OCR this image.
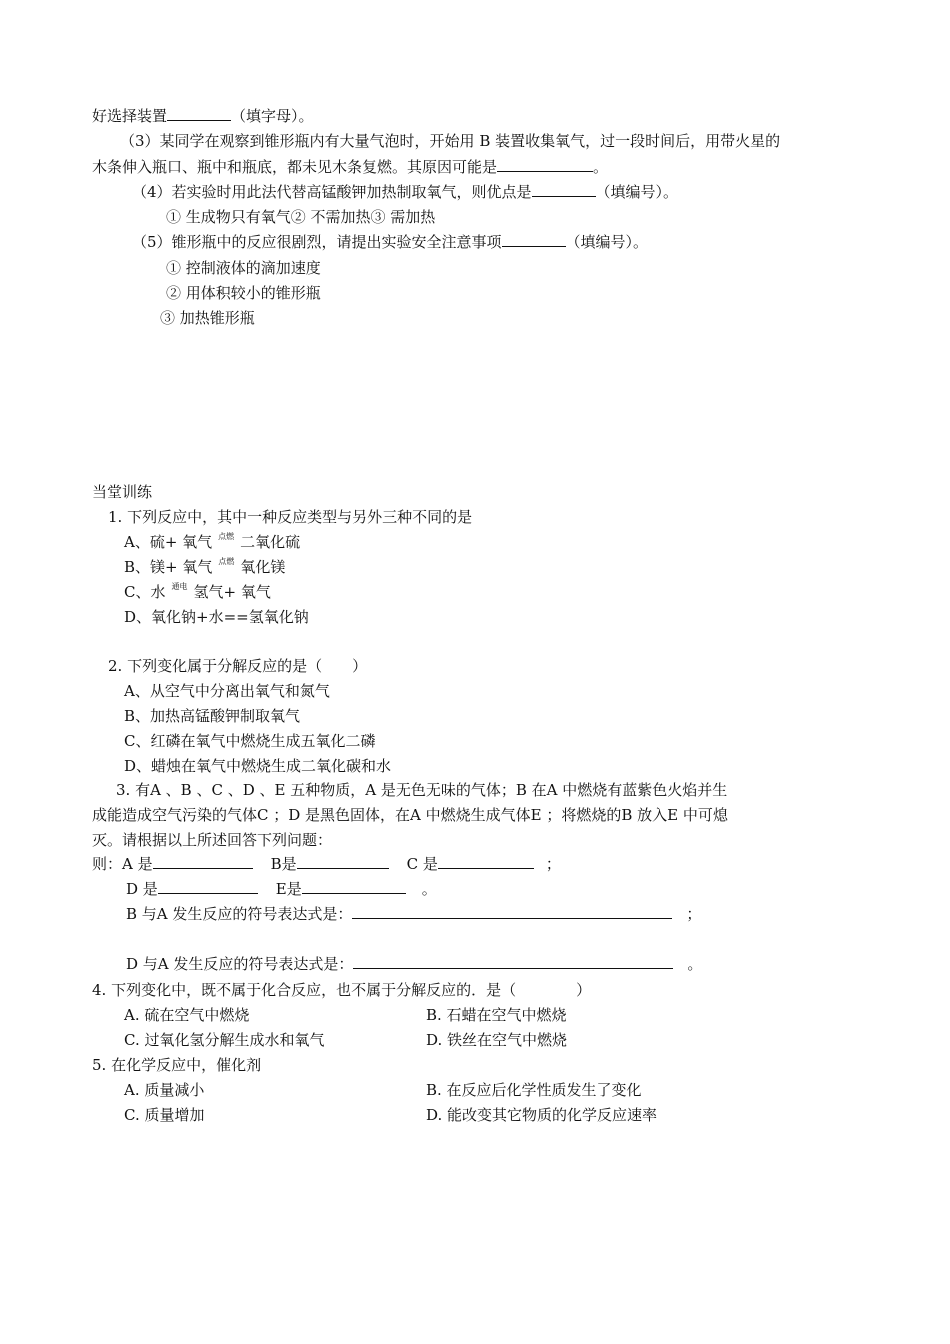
好选择装置	（填字母）。
（3）某同学在观察到锥形瓶内有大量气泡时，开始用 B 装置收集氧气，过一段时间后，用带火星的
木条伸入瓶口、瓶中和瓶底，都未见木条复燃。其原因可能是	。
（4）若实验时用此法代替高锰酸钾加热制取氧气，则优点是	（填编号）。
① 生成物只有氧气② 不需加热③ 需加热
（5）锥形瓶中的反应很剧烈，请提出实验安全注意事项	（填编号）。
① 控制液体的滴加速度
② 用体积较小的锥形瓶
③ 加热锥形瓶
当堂训练
1. 下列反应中，其中一种反应类型与另外三种不同的是
A、硫+ 氧气 $^{点燃}$ 二氧化硫
B、镁+ 氧气 $^{点燃}$ 氧化镁
C、水 $^{通电}$ 氢气+ 氧气
D、氧化钠+水==氢氧化钠
2. 下列变化属于分解反应的是（　　）
A、从空气中分离出氧气和氮气
B、加热高锰酸钾制取氧气
C、红磷在氧气中燃烧生成五氧化二磷
D、蜡烛在氧气中燃烧生成二氧化碳和水
3. 有A 、B 、C 、D 、E 五种物质，A 是无色无味的气体；B 在A 中燃烧有蓝紫色火焰并生
成能造成空气污染的气体C ；D 是黑色固体，在A 中燃烧生成气体E ；将燃烧的B 放入E 中可熄
灭。请根据以上所述回答下列问题：
则：A 是	B是	C 是	；
D 是	E是	。
B 与A 发生反应的符号表达式是：	；
D 与A 发生反应的符号表达式是：	。
4. 下列变化中，既不属于化合反应，也不属于分解反应的．是（　　　　）
A. 硫在空气中燃烧	B. 石蜡在空气中燃烧
C. 过氧化氢分解生成水和氧气	D. 铁丝在空气中燃烧
5. 在化学反应中，催化剂
A. 质量减小	B. 在反应后化学性质发生了变化
C. 质量增加	D. 能改变其它物质的化学反应速率
